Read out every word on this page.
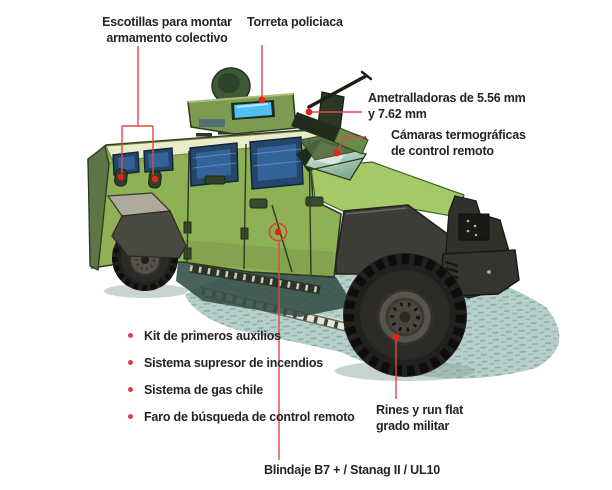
Escotillas para montar
armamento colectivo
Torreta policiaca
Ametralladoras de 5.56 mm
y 7.62 mm
Cámaras termográficas
de control remoto
Rines y run flat
grado militar
Blindaje B7 + / Stanag II / UL10
Kit de primeros auxilios
Sistema supresor de incendios
Sistema de gas chile
Faro de búsqueda de control remoto
